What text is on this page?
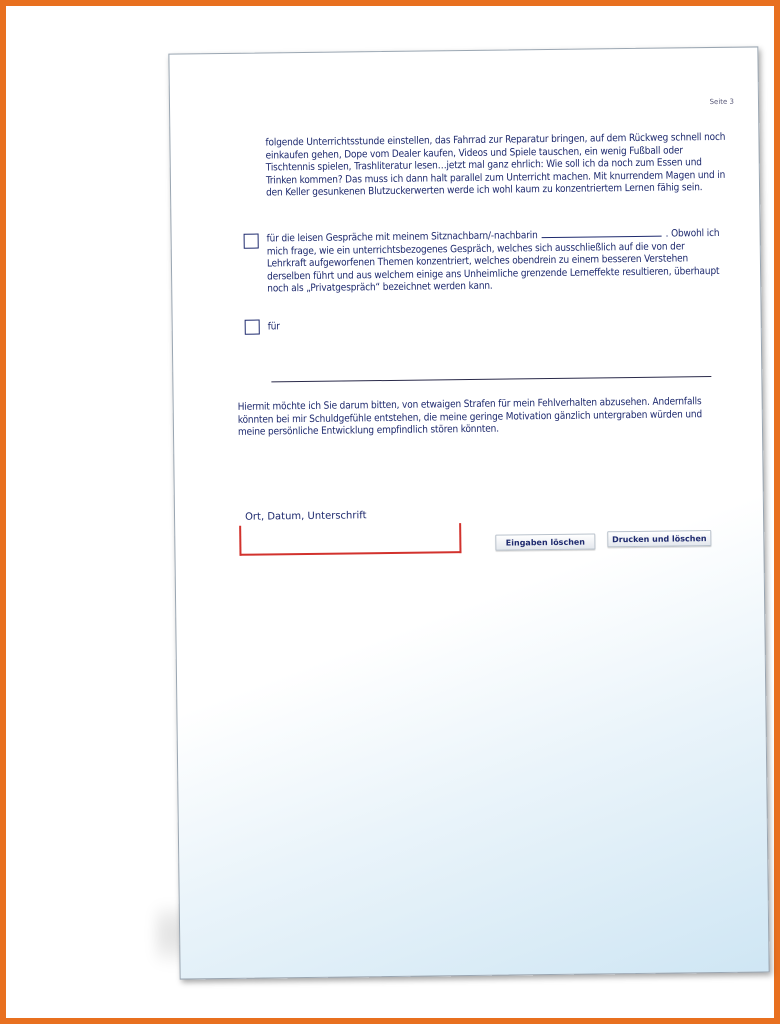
Seite 3

folgende Unterrichtsstunde einstellen, das Fahrrad zur Reparatur bringen, auf dem Rückweg schnell noch einkaufen gehen, Dope vom Dealer kaufen, Videos und Spiele tauschen, ein wenig Fußball oder Tischtennis spielen, Trashliteratur lesen…jetzt mal ganz ehrlich: Wie soll ich da noch zum Essen und Trinken kommen? Das muss ich dann halt parallel zum Unterricht machen. Mit knurrendem Magen und in den Keller gesunkenen Blutzuckerwerten werde ich wohl kaum zu konzentriertem Lernen fähig sein.

für die leisen Gespräche mit meinem Sitznachbarn/-nachbarin	. Obwohl ich mich frage, wie ein unterrichtsbezogenes Gespräch, welches sich ausschließlich auf die von der Lehrkraft aufgeworfenen Themen konzentriert, welches obendrein zu einem besseren Verstehen derselben führt und aus welchem einige ans Unheimliche grenzende Lerneffekte resultieren, überhaupt noch als „Privatgespräch“ bezeichnet werden kann.

für

Hiermit möchte ich Sie darum bitten, von etwaigen Strafen für mein Fehlverhalten abzusehen. Andernfalls könnten bei mir Schuldgefühle entstehen, die meine geringe Motivation gänzlich untergraben würden und meine persönliche Entwicklung empfindlich stören könnten.

Ort, Datum, Unterschrift
Eingaben löschen	Drucken und löschen
